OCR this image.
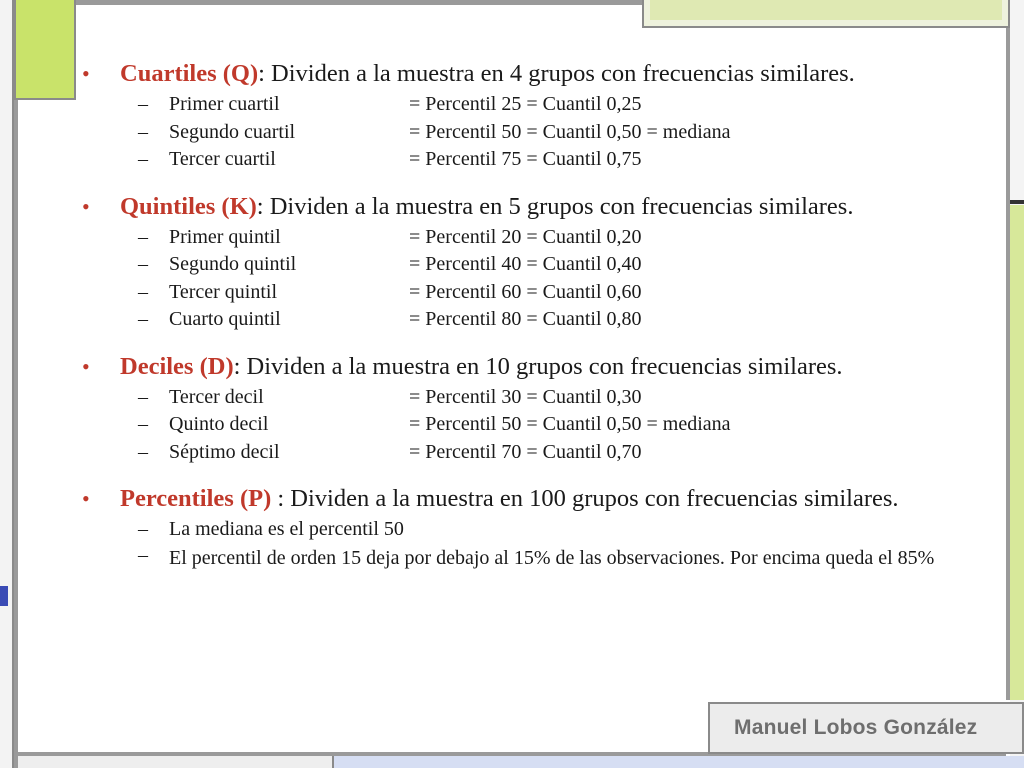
• Cuartiles (Q): Dividen a la muestra en 4 grupos con frecuencias similares.

– Primer cuartil	= Percentil 25 = Cuantil 0,25

– Segundo cuartil	= Percentil 50 = Cuantil 0,50 = mediana

– Tercer cuartil	= Percentil 75 = Cuantil 0,75

• Quintiles (K): Dividen a la muestra en 5 grupos con frecuencias similares.

– Primer quintil	= Percentil 20 = Cuantil 0,20

– Segundo quintil	= Percentil 40 = Cuantil 0,40

– Tercer quintil	= Percentil 60 = Cuantil 0,60

– Cuarto quintil	= Percentil 80 = Cuantil 0,80

• Deciles (D): Dividen a la muestra en 10 grupos con frecuencias similares.

– Tercer decil	= Percentil 30 = Cuantil 0,30

– Quinto decil	= Percentil 50 = Cuantil 0,50 = mediana

– Séptimo decil	= Percentil 70 = Cuantil 0,70

• Percentiles (P) : Dividen a la muestra en 100 grupos con frecuencias similares.

– La mediana es el percentil 50

– El percentil de orden 15 deja por debajo al 15% de las observaciones. Por encima queda el 85%

Manuel Lobos González
